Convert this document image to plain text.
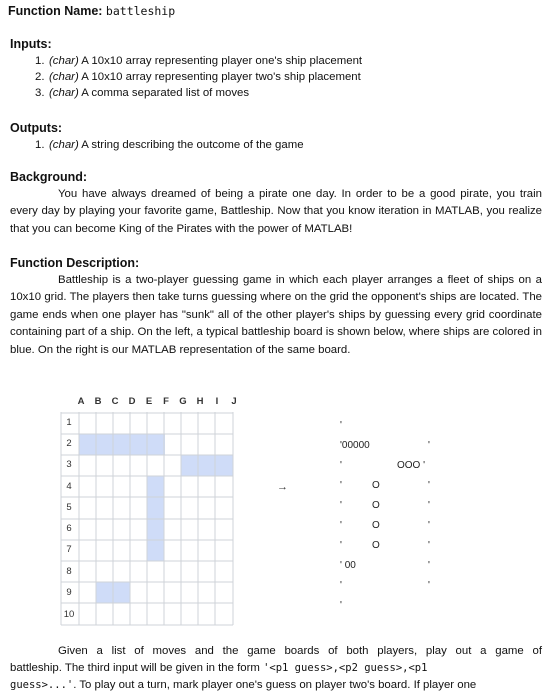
Function Name: battleship
Inputs:
1. (char) A 10x10 array representing player one's ship placement
2. (char) A 10x10 array representing player two's ship placement
3. (char) A comma separated list of moves
Outputs:
1. (char) A string describing the outcome of the game
Background:
You have always dreamed of being a pirate one day. In order to be a good pirate, you train every day by playing your favorite game, Battleship. Now that you know iteration in MATLAB, you realize that you can become King of the Pirates with the power of MATLAB!
Function Description:
Battleship is a two-player guessing game in which each player arranges a fleet of ships on a 10x10 grid. The players then take turns guessing where on the grid the opponent's ships are located. The game ends when one player has "sunk" all of the other player's ships by guessing every grid coordinate containing part of a ship. On the left, a typical battleship board is shown below, where ships are colored in blue. On the right is our MATLAB representation of the same board.
A	B	C	D	E	F	G	H	I	J
1
2
3
4
5
6
7
8
9
10
→
'
'00000
'
'
'
'
'
' 00
'
'
'
OOO '
O
O
O
O
'
'
'
'
'
'
Given a list of moves and the game boards of both players, play out a game of
battleship. The third input will be given in the form '<p1 guess>,<p2 guess>,<p1
guess>...'. To play out a turn, mark player one's guess on player two's board. If player one
